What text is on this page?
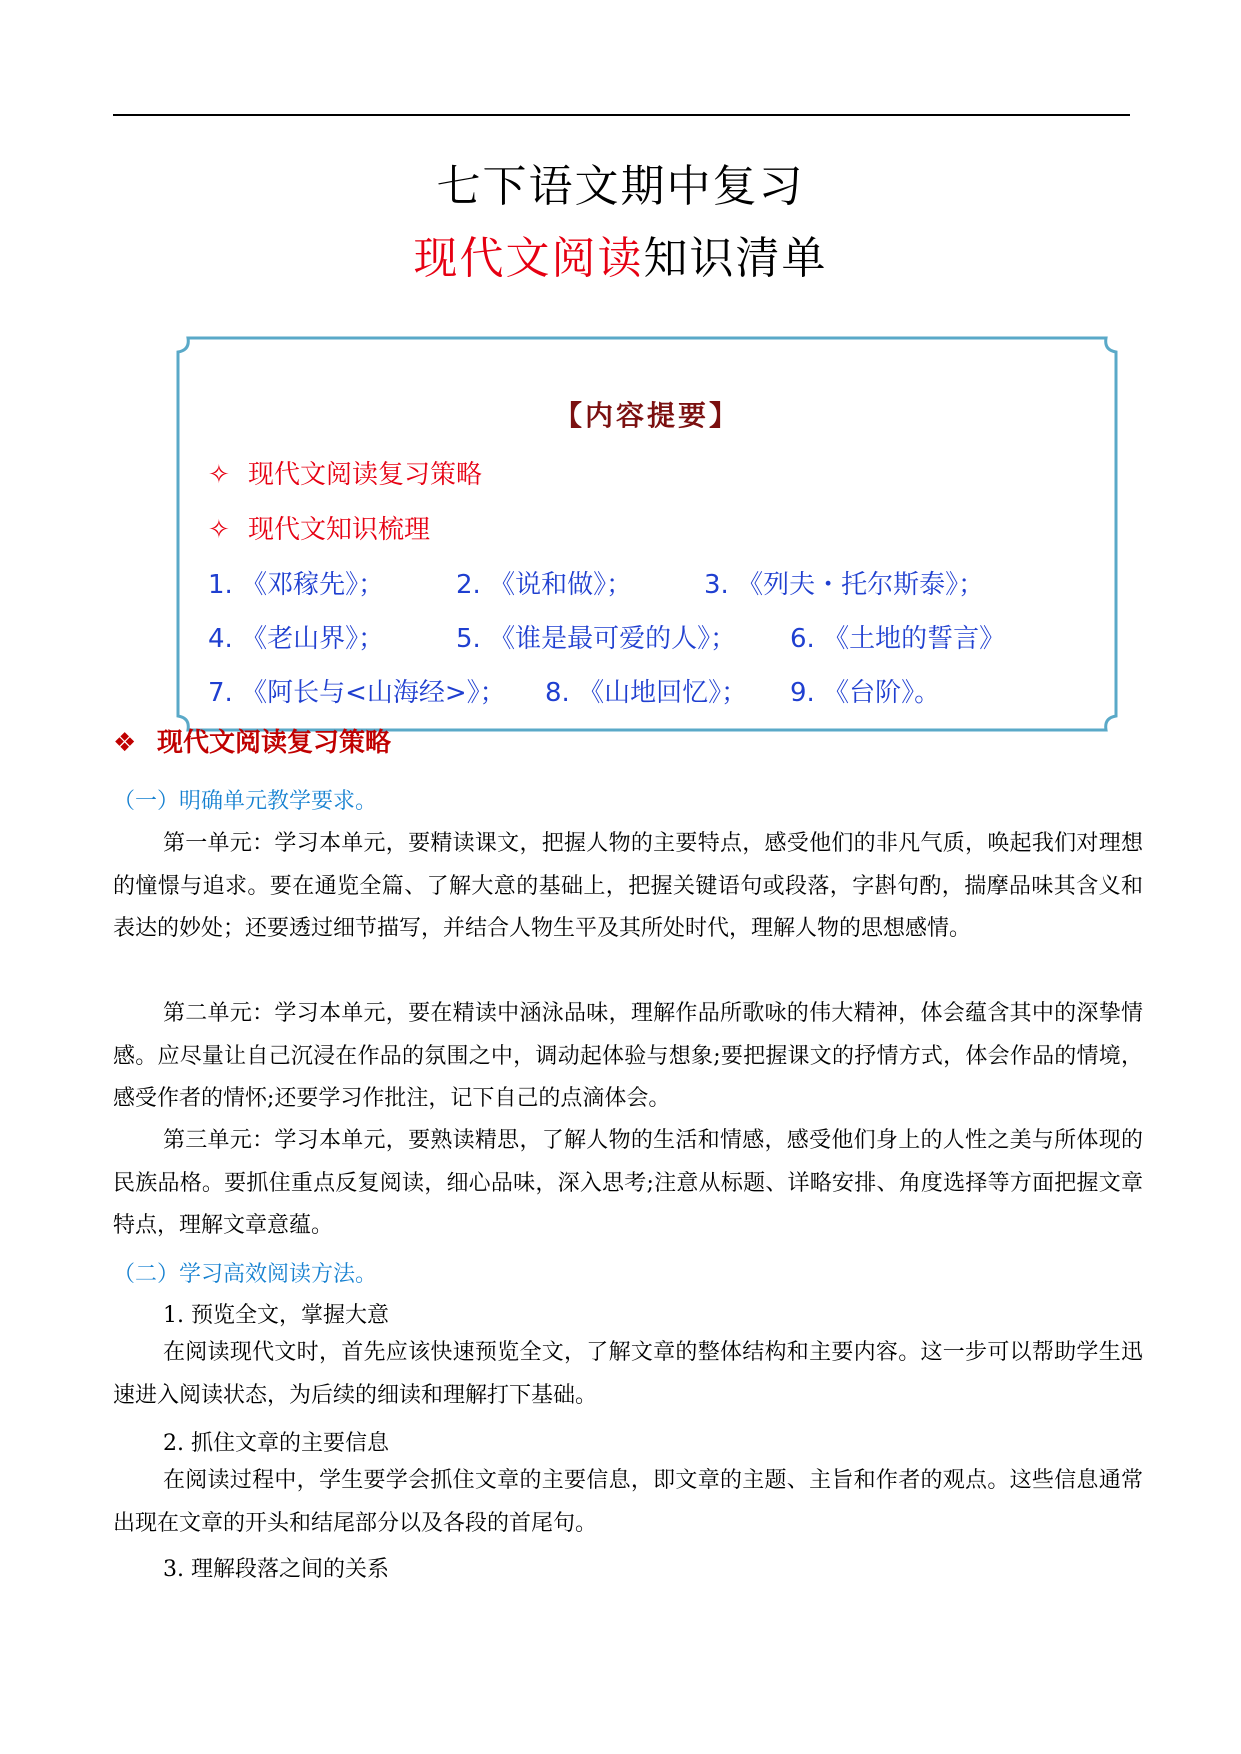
七下语文期中复习
现代文阅读知识清单
【内容提要】
✧ 现代文阅读复习策略
✧ 现代文知识梳理
1. 《邓稼先》；	2. 《说和做》；	3. 《列夫・托尔斯泰》；
4. 《老山界》；	5. 《谁是最可爱的人》； 6. 《土地的誓言》
7. 《阿长与<山海经>》； 8. 《山地回忆》； 9. 《台阶》。
❖ 现代文阅读复习策略
（一）明确单元教学要求。
第一单元：学习本单元，要精读课文，把握人物的主要特点，感受他们的非凡气质，唤起我们对理想的憧憬与追求。要在通览全篇、了解大意的基础上，把握关键语句或段落，字斟句酌，揣摩品味其含义和表达的妙处；还要透过细节描写，并结合人物生平及其所处时代，理解人物的思想感情。
第二单元：学习本单元，要在精读中涵泳品味，理解作品所歌咏的伟大精神，体会蕴含其中的深挚情感。应尽量让自己沉浸在作品的氛围之中，调动起体验与想象;要把握课文的抒情方式，体会作品的情境，感受作者的情怀;还要学习作批注，记下自己的点滴体会。
第三单元：学习本单元，要熟读精思，了解人物的生活和情感，感受他们身上的人性之美与所体现的民族品格。要抓住重点反复阅读，细心品味，深入思考;注意从标题、详略安排、角度选择等方面把握文章特点，理解文章意蕴。
（二）学习高效阅读方法。
1. 预览全文，掌握大意
在阅读现代文时，首先应该快速预览全文，了解文章的整体结构和主要内容。这一步可以帮助学生迅速进入阅读状态，为后续的细读和理解打下基础。
2. 抓住文章的主要信息
在阅读过程中，学生要学会抓住文章的主要信息，即文章的主题、主旨和作者的观点。这些信息通常出现在文章的开头和结尾部分以及各段的首尾句。
3. 理解段落之间的关系
